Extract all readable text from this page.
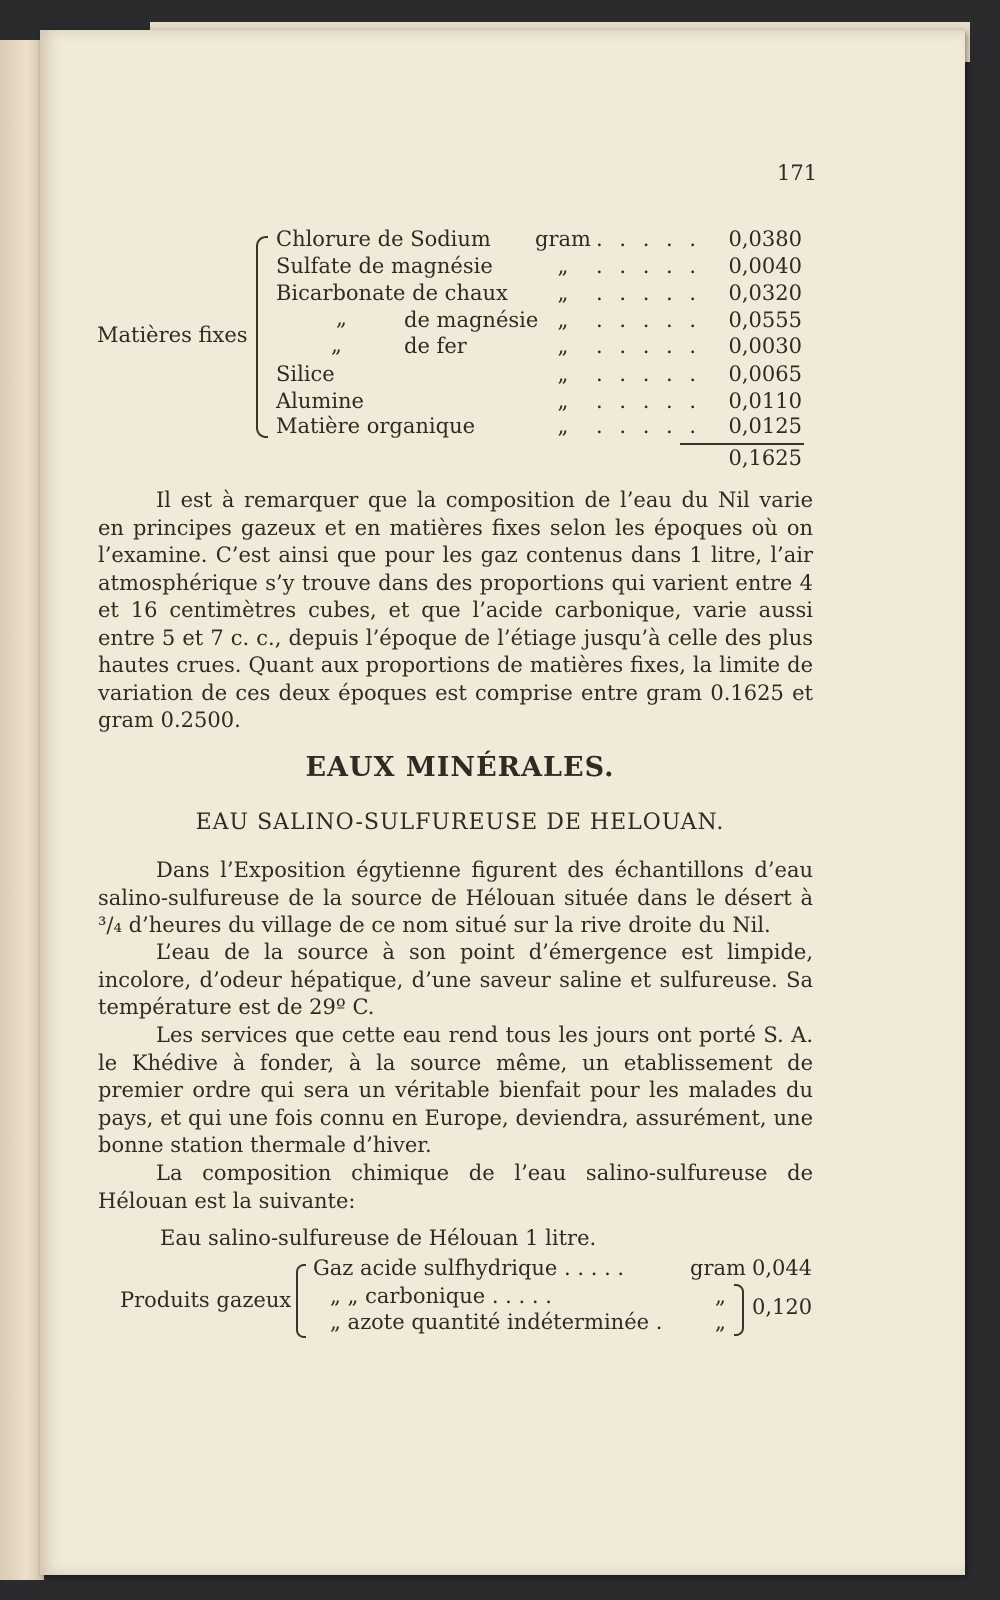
171
Matières fixes
Chlorure de Sodium gram . . . . .	0,0380
Sulfate de magnésie	„	. . . . .	0,0040
Bicarbonate de chaux	„	. . . . .	0,0320
„	de magnésie „	. . . . .	0,0555
„	de fer	„	. . . . .	0,0030
Silice	„	. . . . .	0,0065
Alumine	„	. . . . .	0,0110
Matière organique	„	. . . . .	0,0125
0,1625
Il est à remarquer que la composition de l’eau du Nil varie en principes gazeux et en matières fixes selon les époques où on l’examine. C’est ainsi que pour les gaz contenus dans 1 litre, l’air atmosphérique s’y trouve dans des proportions qui varient entre 4 et 16 centimètres cubes, et que l’acide carbonique, varie aussi entre 5 et 7 c. c., depuis l’époque de l’étiage jusqu’à celle des plus hautes crues. Quant aux proportions de matières fixes, la limite de variation de ces deux époques est comprise entre gram 0.1625 et gram 0.2500.
EAUX MINÉRALES.
EAU SALINO-SULFUREUSE DE HELOUAN.
Dans l’Exposition égytienne figurent des échantillons d’eau salino-sulfureuse de la source de Hélouan située dans le désert à ³/₄ d’heures du village de ce nom situé sur la rive droite du Nil.
L’eau de la source à son point d’émergence est limpide, incolore, d’odeur hépatique, d’une saveur saline et sulfureuse. Sa température est de 29º C.
Les services que cette eau rend tous les jours ont porté S. A. le Khédive à fonder, à la source même, un etablissement de premier ordre qui sera un véritable bienfait pour les malades du pays, et qui une fois connu en Europe, deviendra, assurément, une bonne station thermale d’hiver.
La composition chimique de l’eau salino-sulfureuse de Hélouan est la suivante:
Eau salino-sulfureuse de Hélouan 1 litre.
Produits gazeux
Gaz acide sulfhydrique . . . . .	gram 0,044
„ „ carbonique . . . . .	„
„ azote quantité indéterminée .	„
0,120
